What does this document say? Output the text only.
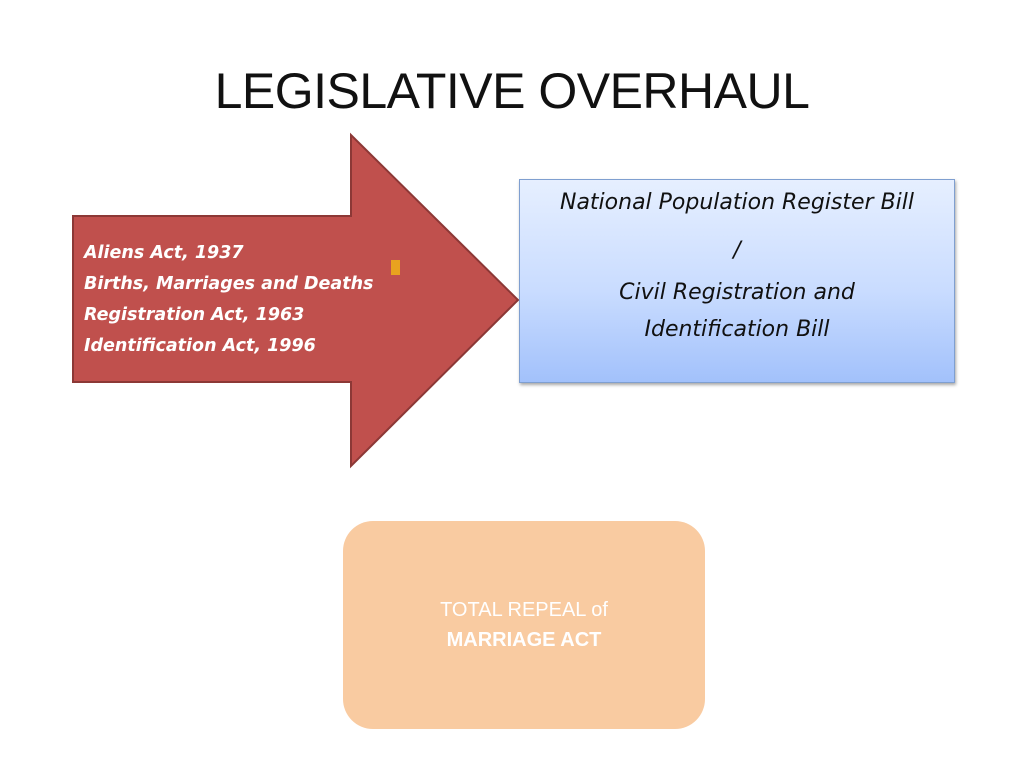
LEGISLATIVE OVERHAUL
Aliens Act, 1937
Births, Marriages and Deaths
Registration Act, 1963
Identification Act, 1996
National Population Register Bill
/
Civil Registration and
Identification Bill
TOTAL REPEAL of
MARRIAGE ACT
